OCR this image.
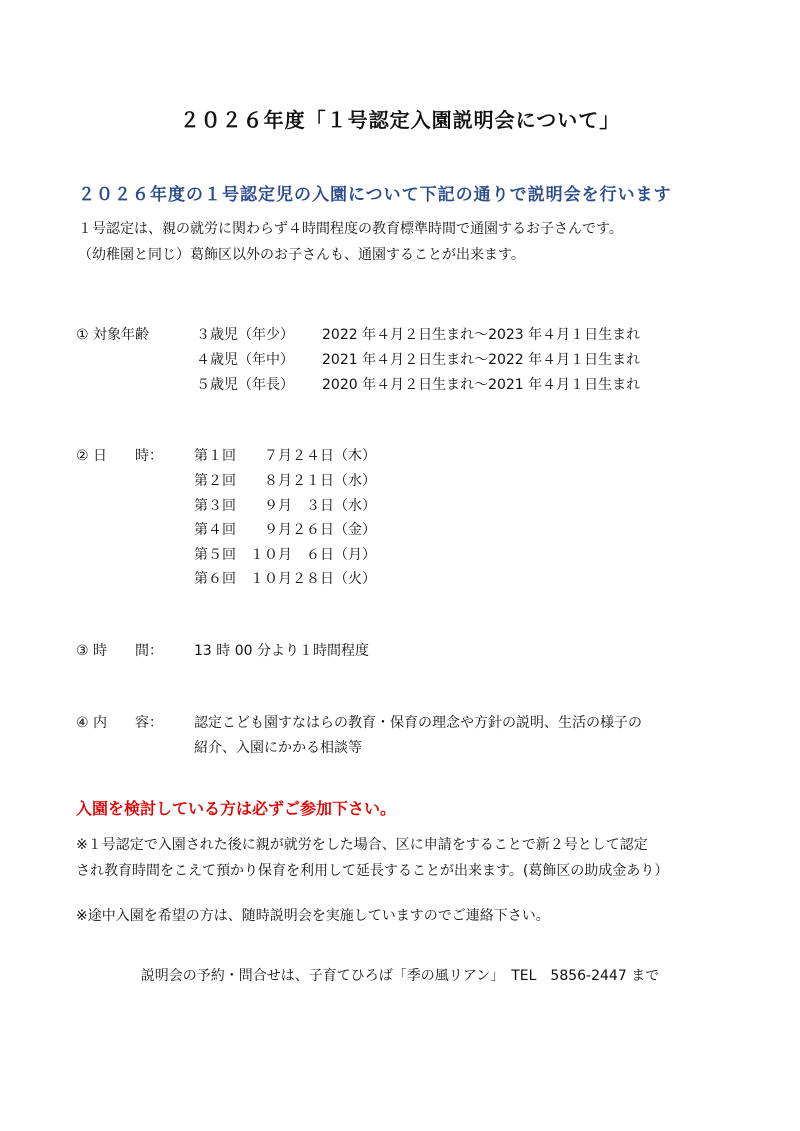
２０２６年度「１号認定入園説明会について」
２０２６年度の１号認定児の入園について下記の通りで説明会を行います
１号認定は、親の就労に関わらず４時間程度の教育標準時間で通園するお子さんです。
（幼稚園と同じ）葛飾区以外のお子さんも、通園することが出来ます。
① 対象年齢	３歳児（年少） 2022 年４月２日生まれ〜2023 年４月１日生まれ
４歳児（年中） 2021 年４月２日生まれ〜2022 年４月１日生まれ
５歳児（年長） 2020 年４月２日生まれ〜2021 年４月１日生まれ
② 日　　時： 第１回　　７月２４日（木）
第２回　　８月２１日（水）
第３回　　９月　３日（水）
第４回　　９月２６日（金）
第５回　１０月　６日（月）
第６回　１０月２８日（火）
③ 時　　間： 13 時 00 分より１時間程度
④ 内　　容： 認定こども園すなはらの教育・保育の理念や方針の説明、生活の様子の
紹介、入園にかかる相談等
入園を検討している方は必ずご参加下さい。
※１号認定で入園された後に親が就労をした場合、区に申請をすることで新２号として認定
され教育時間をこえて預かり保育を利用して延長することが出来ます。(葛飾区の助成金あり）
※途中入園を希望の方は、随時説明会を実施していますのでご連絡下さい。
説明会の予約・問合せは、子育てひろば「季の風リアン」　TEL　5856-2447 まで
